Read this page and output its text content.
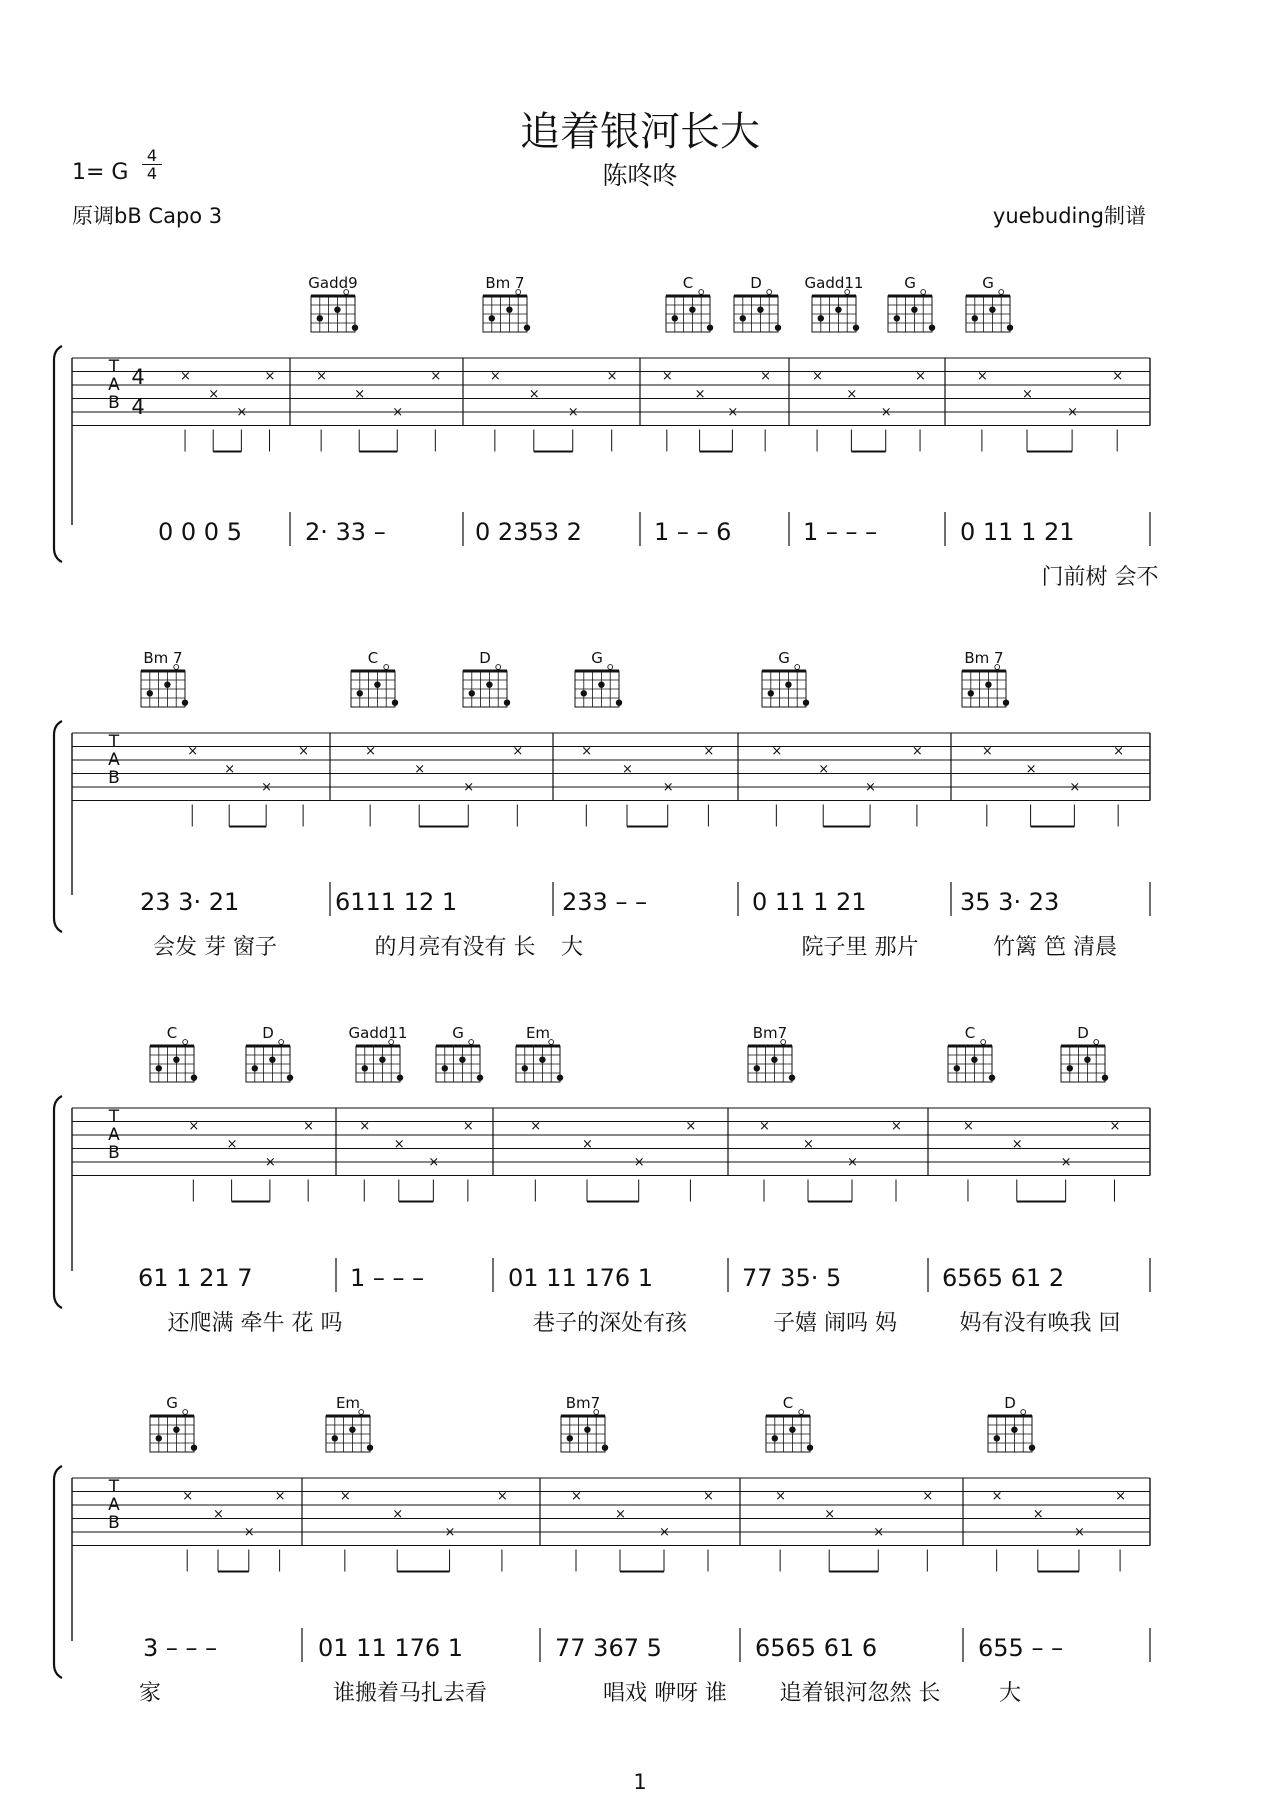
追着银河长大
陈咚咚
1= G
4
4
原调bB Capo 3	yuebuding制谱
T
A
B
4
4
Gadd9	Bm 7	C	D	Gadd11	G	G
×
×
×
×	×
×
×
×	×
×
×
×	×
×
×
×	×
×
×
×	×
×
×
×
0 0 0 5	2· 33 –	0 2353 2	1 – – 6	1 – – –	0 11 1 21
门前树 会不
T
A
B
Bm 7	C	D	G	G	Bm 7
×
×
×
×	×
×
×
×	×
×
×
×	×
×
×
×	×
×
×
×
23 3· 21
会发 芽 窗子
6111 12 1
的月亮有没有 长
233 – –
大
0 11 1 21
院子里 那片
35 3· 23
竹篱 笆 清晨
T
A
B
C	D	Gadd11	G	Em	Bm7	C	D
×
×
×
×	×
×
×
×	×
×
×
×	×
×
×
×	×
×
×
×
61 1 21 7
还爬满 牵牛 花 吗
1 – – –	01 11 176 1
巷子的深处有孩
77 35· 5
子嬉 闹吗 妈
6565 61 2
妈有没有唤我 回
T
A
B
G	Em	Bm7	C	D
×
×
×
×	×
×
×
×	×
×
×
×	×
×
×
×	×
×
×
×
3 – – –
家
01 11 176 1
谁搬着马扎去看
77 367 5
唱戏 咿呀 谁
6565 61 6
追着银河忽然 长
655 – –
大
1
